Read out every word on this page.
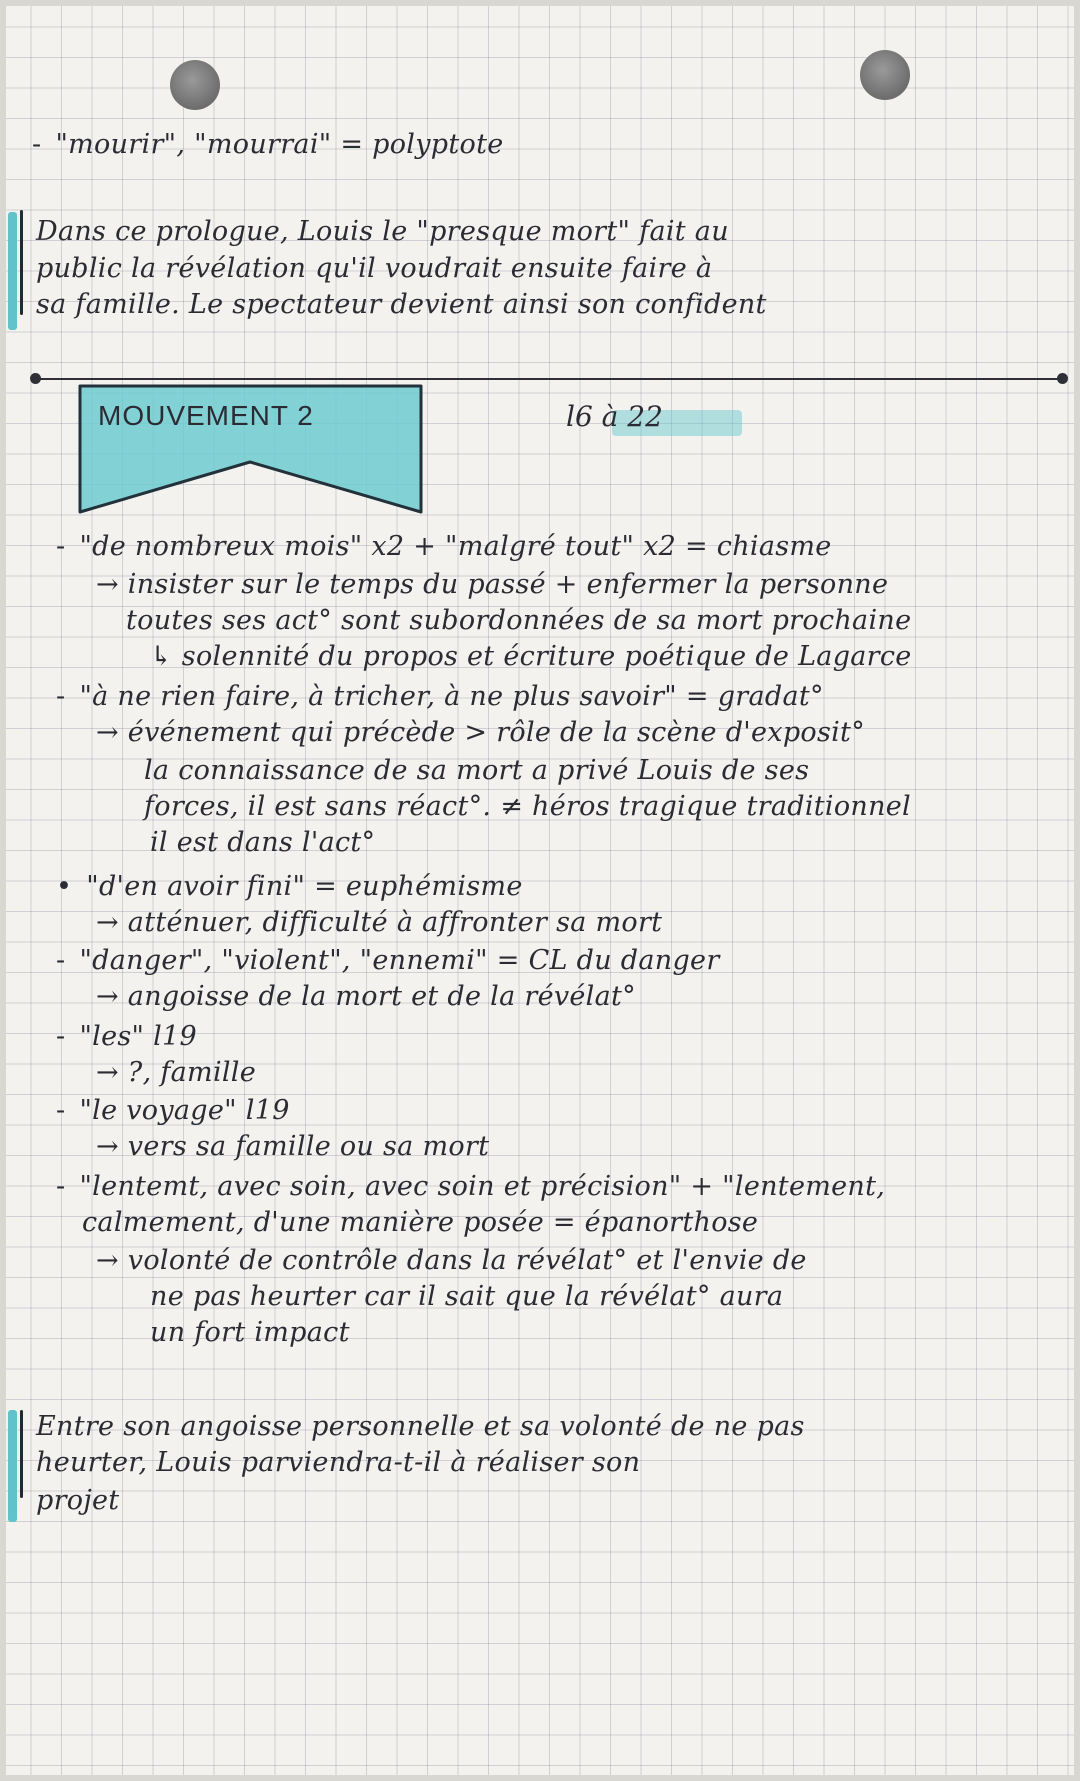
- "mourir", "mourrai" = polyptote
Dans ce prologue, Louis le "presque mort" fait au
public la révélation qu'il voudrait ensuite faire à
sa famille. Le spectateur devient ainsi son confident
MOUVEMENT 2	l6 à 22
- "de nombreux mois" x2 + "malgré tout" x2 = chiasme
→ insister sur le temps du passé + enfermer la personne
toutes ses act° sont subordonnées de sa mort prochaine
↳ solennité du propos et écriture poétique de Lagarce
- "à ne rien faire, à tricher, à ne plus savoir" = gradat°
→ événement qui précède > rôle de la scène d'exposit°
la connaissance de sa mort a privé Louis de ses
forces, il est sans réact°. ≠ héros tragique traditionnel
il est dans l'act°
• "d'en avoir fini" = euphémisme
→ atténuer, difficulté à affronter sa mort
- "danger", "violent", "ennemi" = CL du danger
→ angoisse de la mort et de la révélat°
- "les" l19
→ ?, famille
- "le voyage" l19
→ vers sa famille ou sa mort
- "lentemt, avec soin, avec soin et précision" + "lentement,
calmement, d'une manière posée = épanorthose
→ volonté de contrôle dans la révélat° et l'envie de
ne pas heurter car il sait que la révélat° aura
un fort impact
Entre son angoisse personnelle et sa volonté de ne pas
heurter, Louis parviendra-t-il à réaliser son
projet
